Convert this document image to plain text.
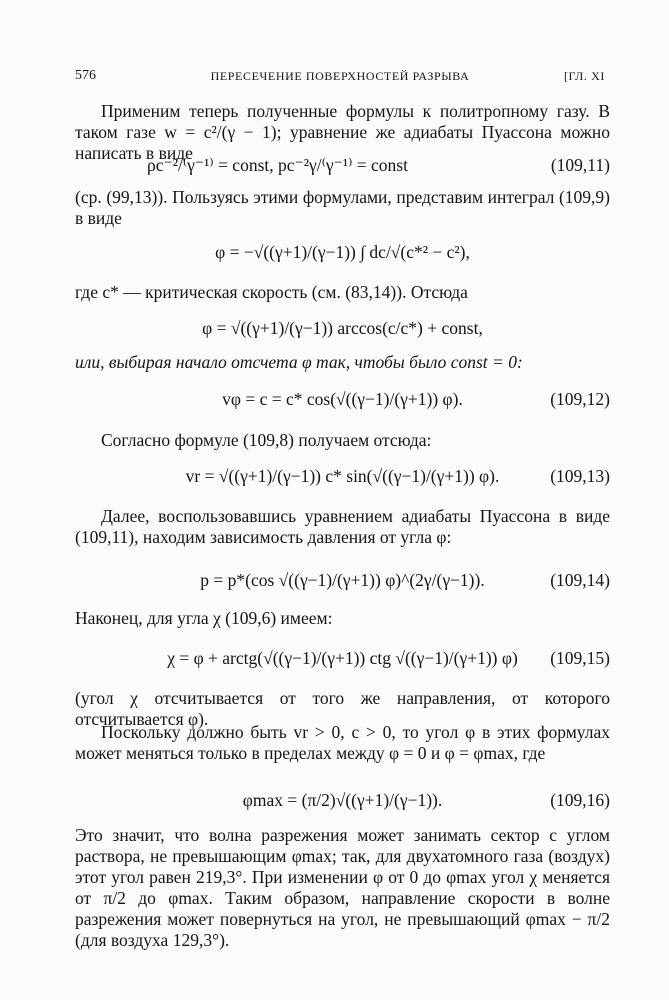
576	ПЕРЕСЕЧЕНИЕ ПОВЕРХНОСТЕЙ РАЗРЫВА	[ГЛ. XI

Применим теперь полученные формулы к политропному газу. В таком газе w = c²/(γ − 1); уравнение же адиабаты Пуассона можно написать в виде

ρc⁻²/⁽γ⁻¹⁾ = const, pc⁻²γ/⁽γ⁻¹⁾ = const	(109,11)

(ср. (99,13)). Пользуясь этими формулами, представим интеграл (109,9) в виде

φ = −√((γ+1)/(γ−1)) ∫ dc/√(c*² − c²),

где c* — критическая скорость (см. (83,14)). Отсюда

φ = √((γ+1)/(γ−1)) arccos(c/c*) + const,

или, выбирая начало отсчета φ так, чтобы было const = 0:

vφ = c = c* cos(√((γ−1)/(γ+1)) φ).	(109,12)

Согласно формуле (109,8) получаем отсюда:

vr = √((γ+1)/(γ−1)) c* sin(√((γ−1)/(γ+1)) φ).	(109,13)

Далее, воспользовавшись уравнением адиабаты Пуассона в виде (109,11), находим зависимость давления от угла φ:

p = p*(cos √((γ−1)/(γ+1)) φ)^(2γ/(γ−1)).	(109,14)

Наконец, для угла χ (109,6) имеем:

χ = φ + arctg(√((γ−1)/(γ+1)) ctg √((γ−1)/(γ+1)) φ)	(109,15)

(угол χ отсчитывается от того же направления, от которого отсчитывается φ).

Поскольку должно быть vr > 0, c > 0, то угол φ в этих формулах может меняться только в пределах между φ = 0 и φ = φmax, где

φmax = (π/2)√((γ+1)/(γ−1)).	(109,16)

Это значит, что волна разрежения может занимать сектор с углом раствора, не превышающим φmax; так, для двухатомного газа (воздух) этот угол равен 219,3°. При изменении φ от 0 до φmax угол χ меняется от π/2 до φmax. Таким образом, направление скорости в волне разрежения может повернуться на угол, не превышающий φmax − π/2 (для воздуха 129,3°).
